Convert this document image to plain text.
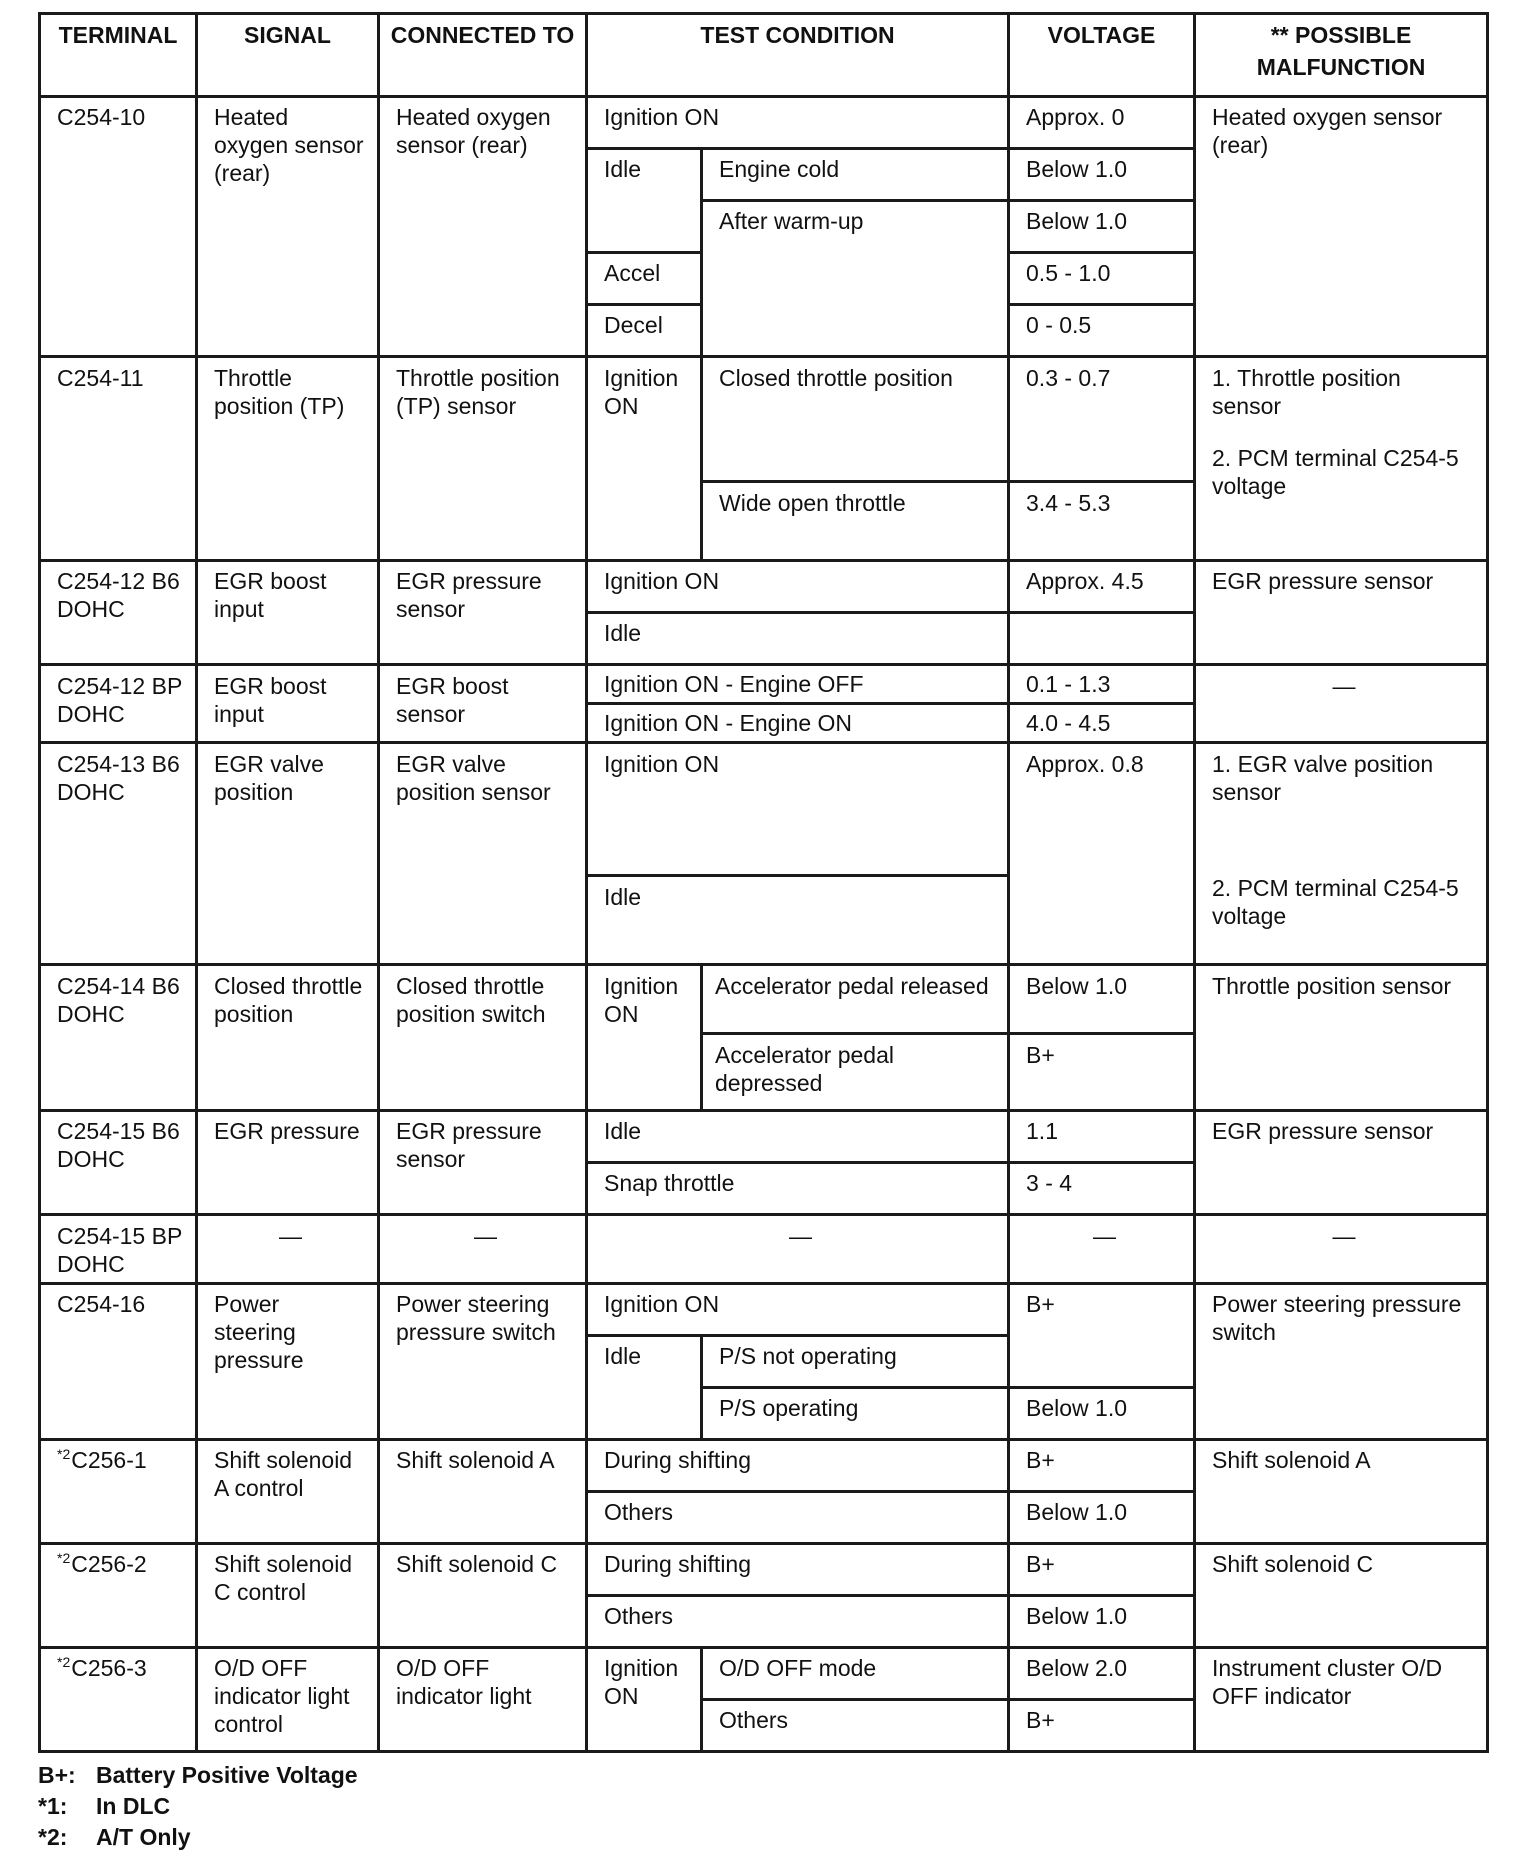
TERMINAL	SIGNAL	CONNECTED TO	TEST CONDITION		VOLTAGE	** POSSIBLE MALFUNCTION
C254-10	Heated oxygen sensor (rear)	Heated oxygen sensor (rear)	Ignition ON		Approx. 0	Heated oxygen sensor (rear)
			Idle	Engine cold	Below 1.0	
				After warm-up	Below 1.0	
			Accel		0.5 - 1.0	
			Decel		0 - 0.5	
C254-11	Throttle position (TP)	Throttle position (TP) sensor	Ignition ON	Closed throttle position	0.3 - 0.7	1. Throttle position sensor
2. PCM terminal C254-5 voltage

				Wide open throttle	3.4 - 5.3	
C254-12 B6 DOHC	EGR boost input	EGR pressure sensor	Ignition ON		Approx. 4.5	EGR pressure sensor
			Idle			
C254-12 BP DOHC	EGR boost input	EGR boost sensor	Ignition ON - Engine OFF		0.1 - 1.3	—
			Ignition ON - Engine ON		4.0 - 4.5	
C254-13 B6 DOHC	EGR valve position	EGR valve position sensor	Ignition ON		Approx. 0.8	1. EGR valve position sensor
2. PCM terminal C254-5 voltage

			Idle			
C254-14 B6 DOHC	Closed throttle position	Closed throttle position switch	Ignition ON	Accelerator pedal released	Below 1.0	Throttle position sensor
				Accelerator pedal depressed	B+	
C254-15 B6 DOHC	EGR pressure	EGR pressure sensor	Idle		1.1	EGR pressure sensor
			Snap throttle		3 - 4	
C254-15 BP DOHC	—	—	—		—	—
C254-16	Power steering pressure	Power steering pressure switch	Ignition ON		B+	Power steering pressure switch
			Idle	P/S not operating		
				P/S operating	Below 1.0	
$^{*2}$C256-1	Shift solenoid A control	Shift solenoid A	During shifting		B+	Shift solenoid A
			Others		Below 1.0	
$^{*2}$C256-2	Shift solenoid C control	Shift solenoid C	During shifting		B+	Shift solenoid C
			Others		Below 1.0	
$^{*2}$C256-3	O/D OFF indicator light control	O/D OFF indicator light	Ignition ON	O/D OFF mode	Below 2.0	Instrument cluster O/D OFF indicator
				Others	B+	
B+: Battery Positive Voltage
*1: In DLC
*2: A/T Only
